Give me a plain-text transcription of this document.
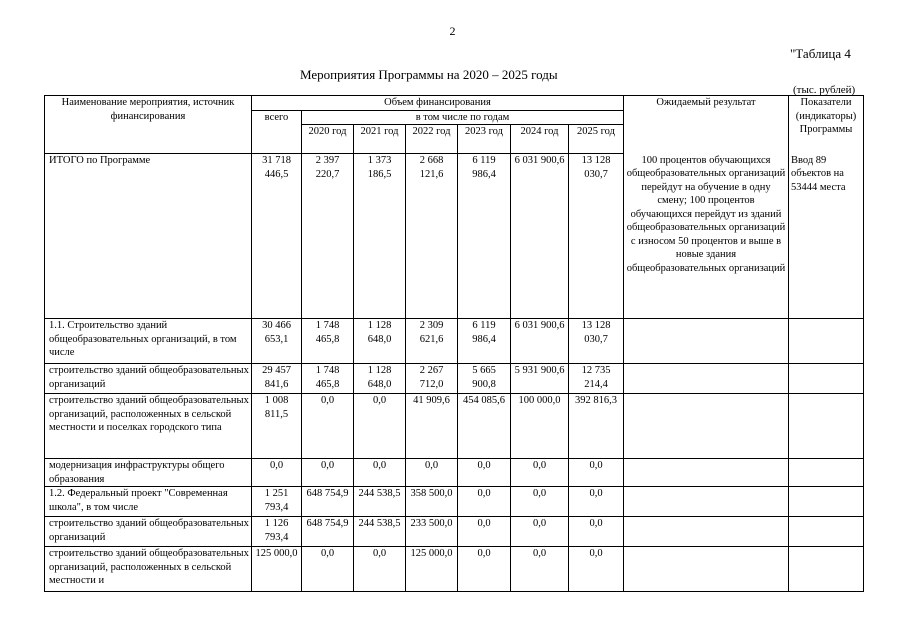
2
"Таблица 4
Мероприятия Программы на 2020 – 2025 годы
(тыс. рублей)
Наименование мероприятия, источник финансирования	Объем финансирования							Ожидаемый результат	Показатели (индикаторы) Программы
	всего	в том числе по годам							
		2020 год	2021 год	2022 год	2023 год	2024 год	2025 год		
ИТОГО по Программе	31 718 446,5	2 397 220,7	1 373 186,5	2 668 121,6	6 119 986,4	6 031 900,6	13 128 030,7	100 процентов обучающихся общеобразовательных организаций перейдут на обучение в одну смену; 100 процентов обучающихся перейдут из зданий общеобразовательных организаций с износом 50 процентов и выше в новые здания общеобразовательных организаций	Ввод 89 объектов на 53444 места
1.1. Строительство зданий общеобразовательных организаций, в том числе	30 466 653,1	1 748 465,8	1 128 648,0	2 309 621,6	6 119 986,4	6 031 900,6	13 128 030,7		
строительство зданий общеобразовательных организаций	29 457 841,6	1 748 465,8	1 128 648,0	2 267 712,0	5 665 900,8	5 931 900,6	12 735 214,4		
строительство зданий общеобразовательных организаций, расположенных в сельской местности и поселках городского типа	1 008 811,5	0,0	0,0	41 909,6	454 085,6	100 000,0	392 816,3		
модернизация инфраструктуры общего образования	0,0	0,0	0,0	0,0	0,0	0,0	0,0		
1.2. Федеральный проект "Современная школа", в том числе	1 251 793,4	648 754,9	244 538,5	358 500,0	0,0	0,0	0,0		
строительство зданий общеобразовательных организаций	1 126 793,4	648 754,9	244 538,5	233 500,0	0,0	0,0	0,0		
строительство зданий общеобразовательных организаций, расположенных в сельской местности и	125 000,0	0,0	0,0	125 000,0	0,0	0,0	0,0		
